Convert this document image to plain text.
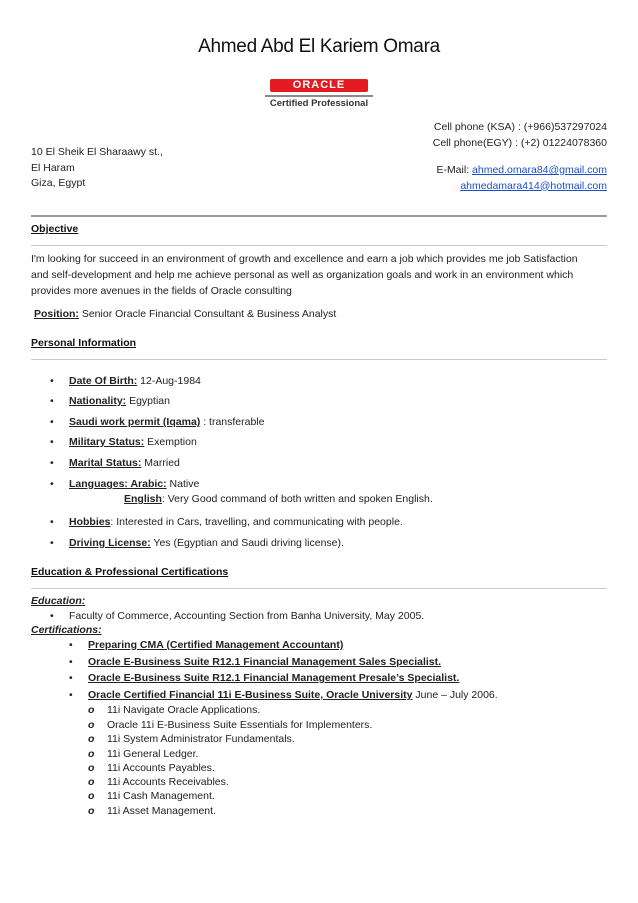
Ahmed Abd El Kariem Omara
ORACLE
Certified Professional
10 El Sheik El Sharaawy st.,
El Haram
Giza, Egypt
Cell phone (KSA) : (+966)537297024
Cell phone(EGY) : (+2) 01224078360
E-Mail: ahmed.omara84@gmail.com
ahmedamara414@hotmail.com
Objective
I'm looking for succeed in an environment of growth and excellence and earn a job which provides me job Satisfaction
and self-development and help me achieve personal as well as organization goals and work in an environment which
provides more avenues in the fields of Oracle consulting
Position: Senior Oracle Financial Consultant & Business Analyst
Personal Information
• Date Of Birth: 12-Aug-1984
• Nationality: Egyptian
• Saudi work permit (Iqama) : transferable
• Military Status: Exemption
• Marital Status: Married
• Languages: Arabic: Native
English: Very Good command of both written and spoken English.
• Hobbies: Interested in Cars, travelling, and communicating with people.
• Driving License: Yes (Egyptian and Saudi driving license).
Education & Professional Certifications
Education:
• Faculty of Commerce, Accounting Section from Banha University, May 2005.
Certifications:
• Preparing CMA (Certified Management Accountant)
• Oracle E-Business Suite R12.1 Financial Management Sales Specialist.
• Oracle E-Business Suite R12.1 Financial Management Presale’s Specialist.
• Oracle Certified Financial 11i E-Business Suite, Oracle University June – July 2006.
o 11i Navigate Oracle Applications.
o Oracle 11i E-Business Suite Essentials for Implementers.
o 11i System Administrator Fundamentals.
o 11i General Ledger.
o 11i Accounts Payables.
o 11i Accounts Receivables.
o 11i Cash Management.
o 11i Asset Management.
